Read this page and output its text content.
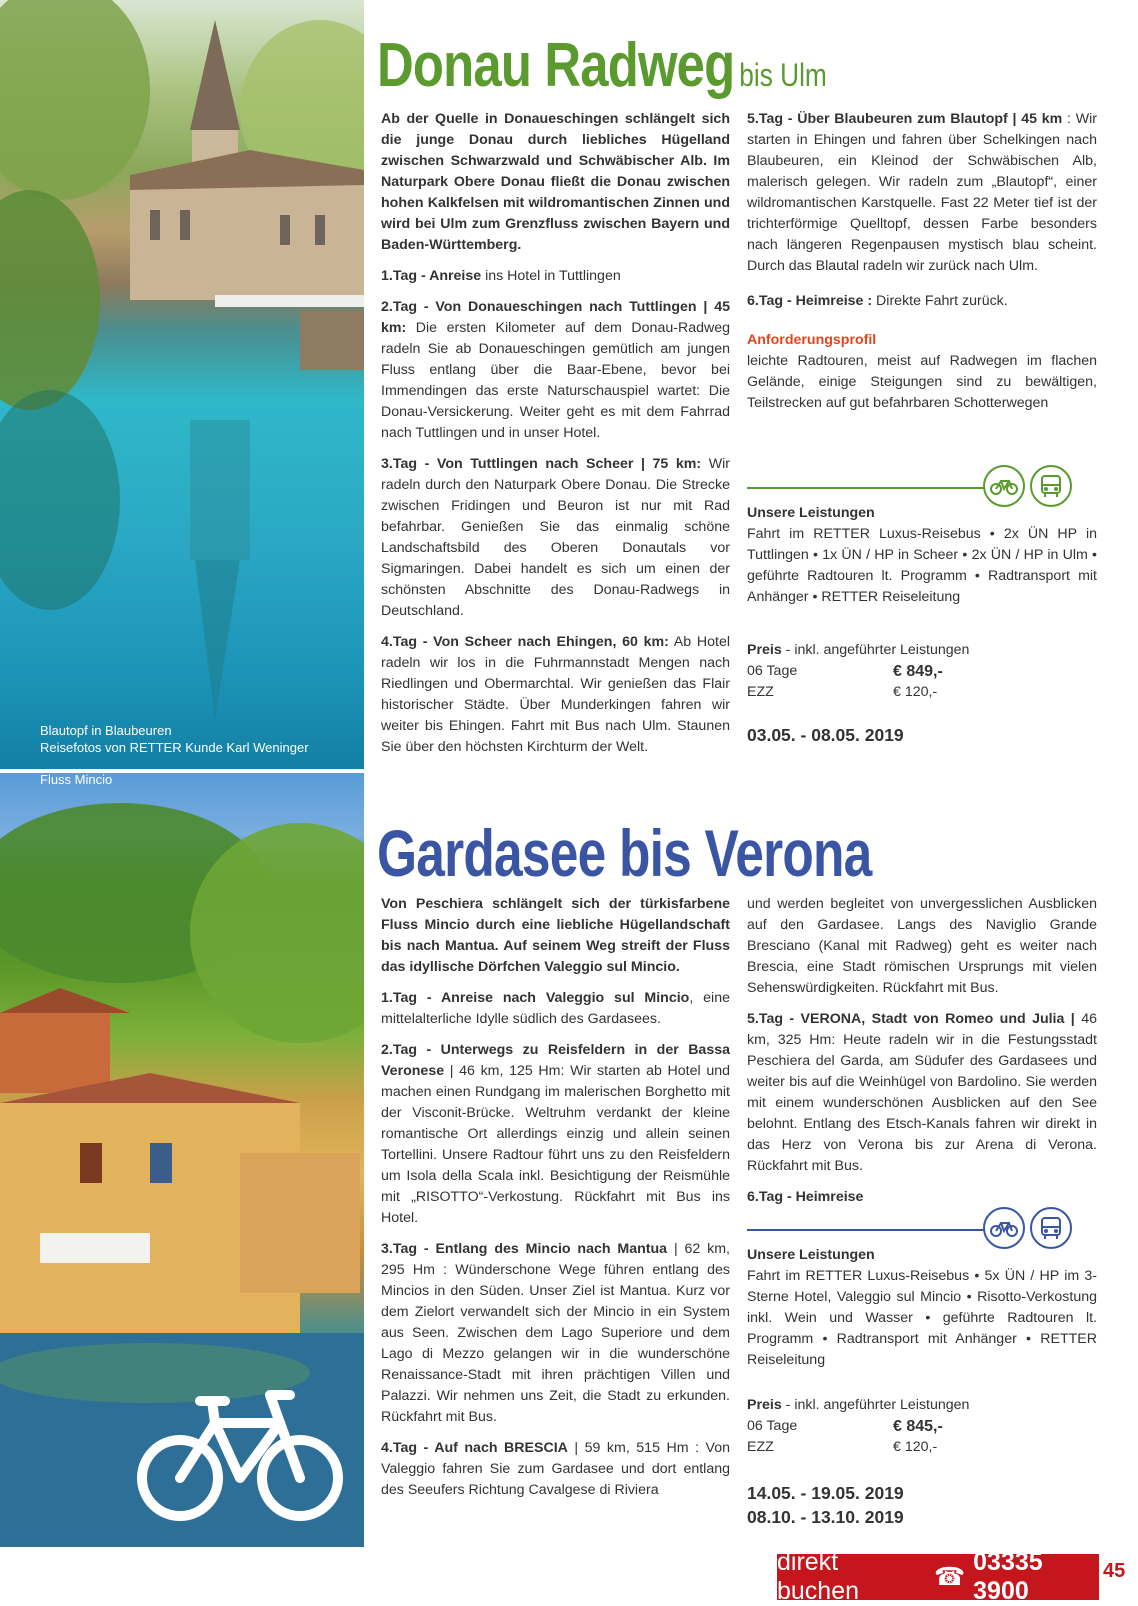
Blautopf in Blaubeuren
Reisefotos von RETTER Kunde Karl Weninger
Fluss Mincio
Donau Radweg bis Ulm

Ab der Quelle in Donaueschingen schlängelt sich die junge Donau durch liebliches Hügelland zwischen Schwarzwald und Schwäbischer Alb. Im Naturpark Obere Donau fließt die Donau zwischen hohen Kalkfelsen mit wildromantischen Zinnen und wird bei Ulm zum Grenzfluss zwischen Bayern und Baden-Württemberg.

1.Tag - Anreise ins Hotel in Tuttlingen

2.Tag - Von Donaueschingen nach Tuttlingen | 45 km: Die ersten Kilometer auf dem Donau-Radweg radeln Sie ab Donaueschingen gemütlich am jungen Fluss entlang über die Baar-Ebene, bevor bei Immendingen das erste Naturschauspiel wartet: Die Donau-Versickerung. Weiter geht es mit dem Fahrrad nach Tuttlingen und in unser Hotel.

3.Tag - Von Tuttlingen nach Scheer | 75 km: Wir radeln durch den Naturpark Obere Donau. Die Strecke zwischen Fridingen und Beuron ist nur mit Rad befahrbar. Genießen Sie das einmalig schöne Landschaftsbild des Oberen Donautals vor Sigmaringen. Dabei handelt es sich um einen der schönsten Abschnitte des Donau-Radwegs in Deutschland.

4.Tag - Von Scheer nach Ehingen, 60 km: Ab Hotel radeln wir los in die Fuhrmannstadt Mengen nach Riedlingen und Obermarchtal. Wir genießen das Flair historischer Städte. Über Munderkingen fahren wir weiter bis Ehingen. Fahrt mit Bus nach Ulm. Staunen Sie über den höchsten Kirchturm der Welt.

5.Tag - Über Blaubeuren zum Blautopf | 45 km : Wir starten in Ehingen und fahren über Schelkingen nach Blaubeuren, ein Kleinod der Schwäbischen Alb, malerisch gelegen. Wir radeln zum „Blautopf“, einer wildromantischen Karstquelle. Fast 22 Meter tief ist der trichterförmige Quelltopf, dessen Farbe besonders nach längeren Regenpausen mystisch blau scheint. Durch das Blautal radeln wir zurück nach Ulm.

6.Tag - Heimreise : Direkte Fahrt zurück.

Anforderungsprofil

leichte Radtouren, meist auf Radwegen im flachen Gelände, einige Steigungen sind zu bewältigen, Teilstrecken auf gut befahrbaren Schotterwegen

Unsere Leistungen
Fahrt im RETTER Luxus-Reisebus • 2x ÜN HP in Tuttlingen • 1x ÜN / HP in Scheer • 2x ÜN / HP in Ulm • geführte Radtouren lt. Programm • Radtransport mit Anhänger • RETTER Reiseleitung
Preis - inkl. angeführter Leistungen
06 Tage	€ 849,-
EZZ	€ 120,-
03.05. - 08.05. 2019
Gardasee bis Verona

Von Peschiera schlängelt sich der türkisfarbene Fluss Mincio durch eine liebliche Hügellandschaft bis nach Mantua. Auf seinem Weg streift der Fluss das idyllische Dörfchen Valeggio sul Mincio.

1.Tag - Anreise nach Valeggio sul Mincio, eine mittelalterliche Idylle südlich des Gardasees.

2.Tag - Unterwegs zu Reisfeldern in der Bassa Veronese | 46 km, 125 Hm: Wir starten ab Hotel und machen einen Rundgang im malerischen Borghetto mit der Visconit-Brücke. Weltruhm verdankt der kleine romantische Ort allerdings einzig und allein seinen Tortellini. Unsere Radtour führt uns zu den Reisfeldern um Isola della Scala inkl. Besichtigung der Reismühle mit „RISOTTO“-Verkostung. Rückfahrt mit Bus ins Hotel.

3.Tag - Entlang des Mincio nach Mantua | 62 km, 295 Hm : Wünderschone Wege führen entlang des Mincios in den Süden. Unser Ziel ist Mantua. Kurz vor dem Zielort verwandelt sich der Mincio in ein System aus Seen. Zwischen dem Lago Superiore und dem Lago di Mezzo gelangen wir in die wunderschöne Renaissance-Stadt mit ihren prächtigen Villen und Palazzi. Wir nehmen uns Zeit, die Stadt zu erkunden. Rückfahrt mit Bus.

4.Tag - Auf nach BRESCIA | 59 km, 515 Hm : Von Valeggio fahren Sie zum Gardasee und dort entlang des Seeufers Richtung Cavalgese di Riviera

und werden begleitet von unvergesslichen Ausblicken auf den Gardasee. Langs des Naviglio Grande Bresciano (Kanal mit Radweg) geht es weiter nach Brescia, eine Stadt römischen Ursprungs mit vielen Sehenswürdigkeiten. Rückfahrt mit Bus.

5.Tag - VERONA, Stadt von Romeo und Julia | 46 km, 325 Hm: Heute radeln wir in die Festungsstadt Peschiera del Garda, am Südufer des Gardasees und weiter bis auf die Weinhügel von Bardolino. Sie werden mit einem wunderschönen Ausblicken auf den See belohnt. Entlang des Etsch-Kanals fahren wir direkt in das Herz von Verona bis zur Arena di Verona. Rückfahrt mit Bus.

6.Tag - Heimreise

Unsere Leistungen
Fahrt im RETTER Luxus-Reisebus • 5x ÜN / HP im 3-Sterne Hotel, Valeggio sul Mincio • Risotto-Verkostung inkl. Wein und Wasser • geführte Radtouren lt. Programm • Radtransport mit Anhänger • RETTER Reiseleitung
Preis - inkl. angeführter Leistungen
06 Tage	€ 845,-
EZZ	€ 120,-
14.05. - 19.05. 2019
08.10. - 13.10. 2019
direkt buchen	☎
03335 3900
45
